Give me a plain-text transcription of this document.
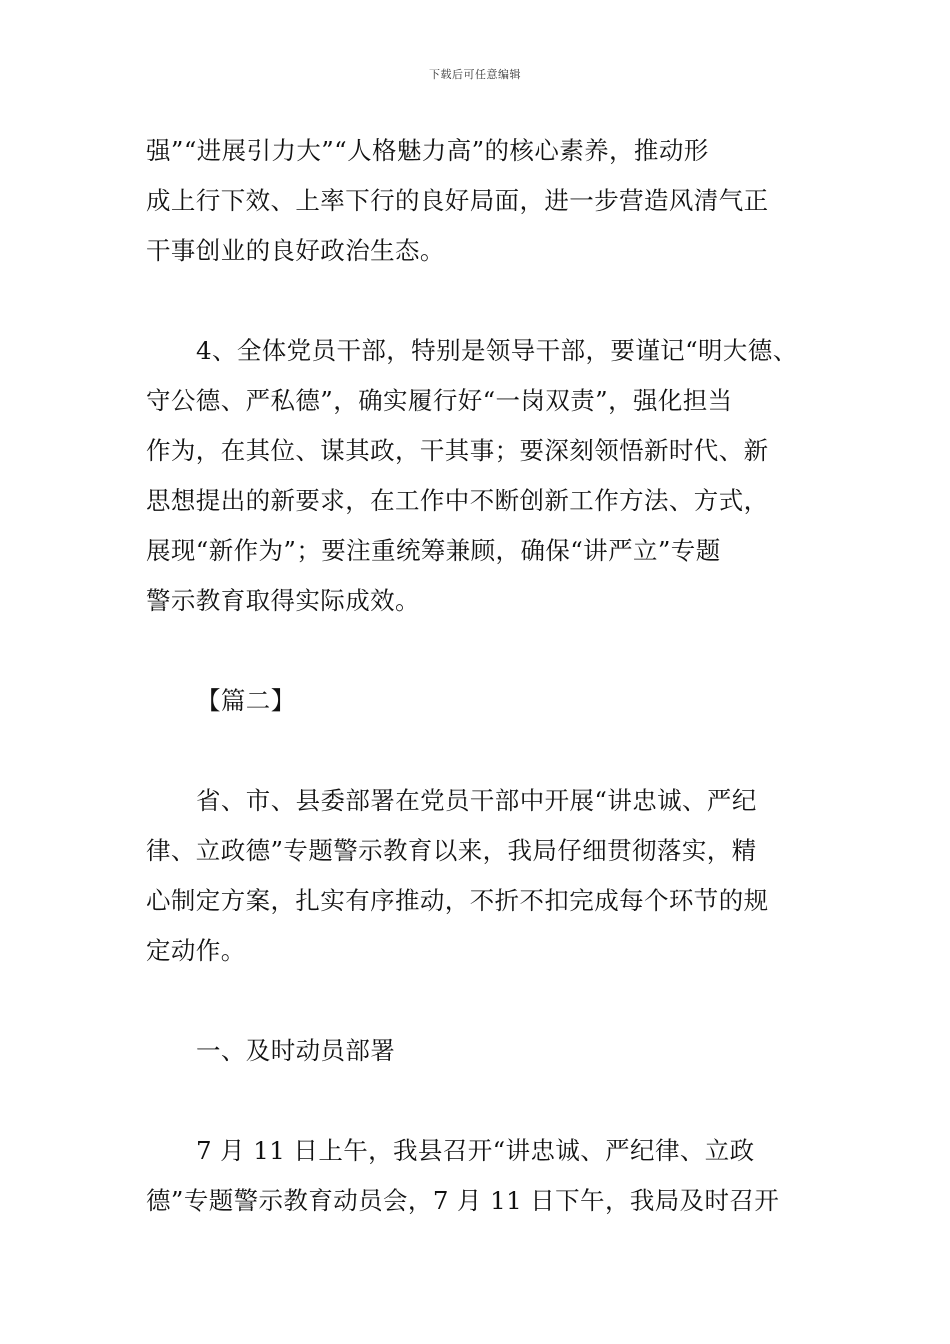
下载后可任意编辑
强”“进展引力大”“人格魅力高”的核心素养，推动形
成上行下效、上率下行的良好局面，进一步营造风清气正
干事创业的良好政治生态。
4、全体党员干部，特别是领导干部，要谨记“明大德、
守公德、严私德”，确实履行好“一岗双责”，强化担当
作为，在其位、谋其政，干其事；要深刻领悟新时代、新
思想提出的新要求，在工作中不断创新工作方法、方式，
展现“新作为”；要注重统筹兼顾，确保“讲严立”专题
警示教育取得实际成效。
【篇二】
省、市、县委部署在党员干部中开展“讲忠诚、严纪
律、立政德”专题警示教育以来，我局仔细贯彻落实，精
心制定方案，扎实有序推动，不折不扣完成每个环节的规
定动作。
一、及时动员部署
7 月 11 日上午，我县召开“讲忠诚、严纪律、立政
德”专题警示教育动员会，7 月 11 日下午，我局及时召开
